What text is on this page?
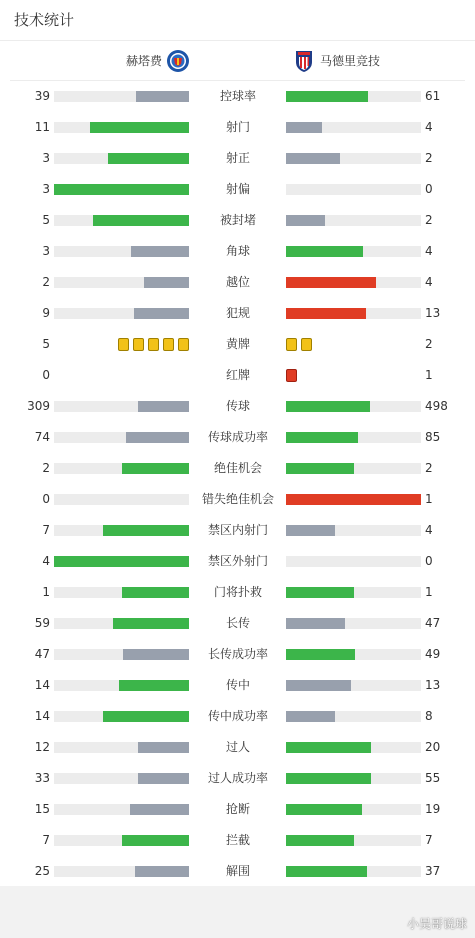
技术统计
赫塔费	马德里竞技
39	控球率	61
11	射门	4
3	射正	2
3	射偏	0
5	被封堵	2
3	角球	4
2	越位	4
9	犯规	13
5	黄牌	2
0	红牌	1
309	传球	498
74	传球成功率	85
2	绝佳机会	2
0	错失绝佳机会	1
7	禁区内射门	4
4	禁区外射门	0
1	门将扑救	1
59	长传	47
47	长传成功率	49
14	传中	13
14	传中成功率	8
12	过人	20
33	过人成功率	55
15	抢断	19
7	拦截	7
25	解围	37
小吴哥说球
